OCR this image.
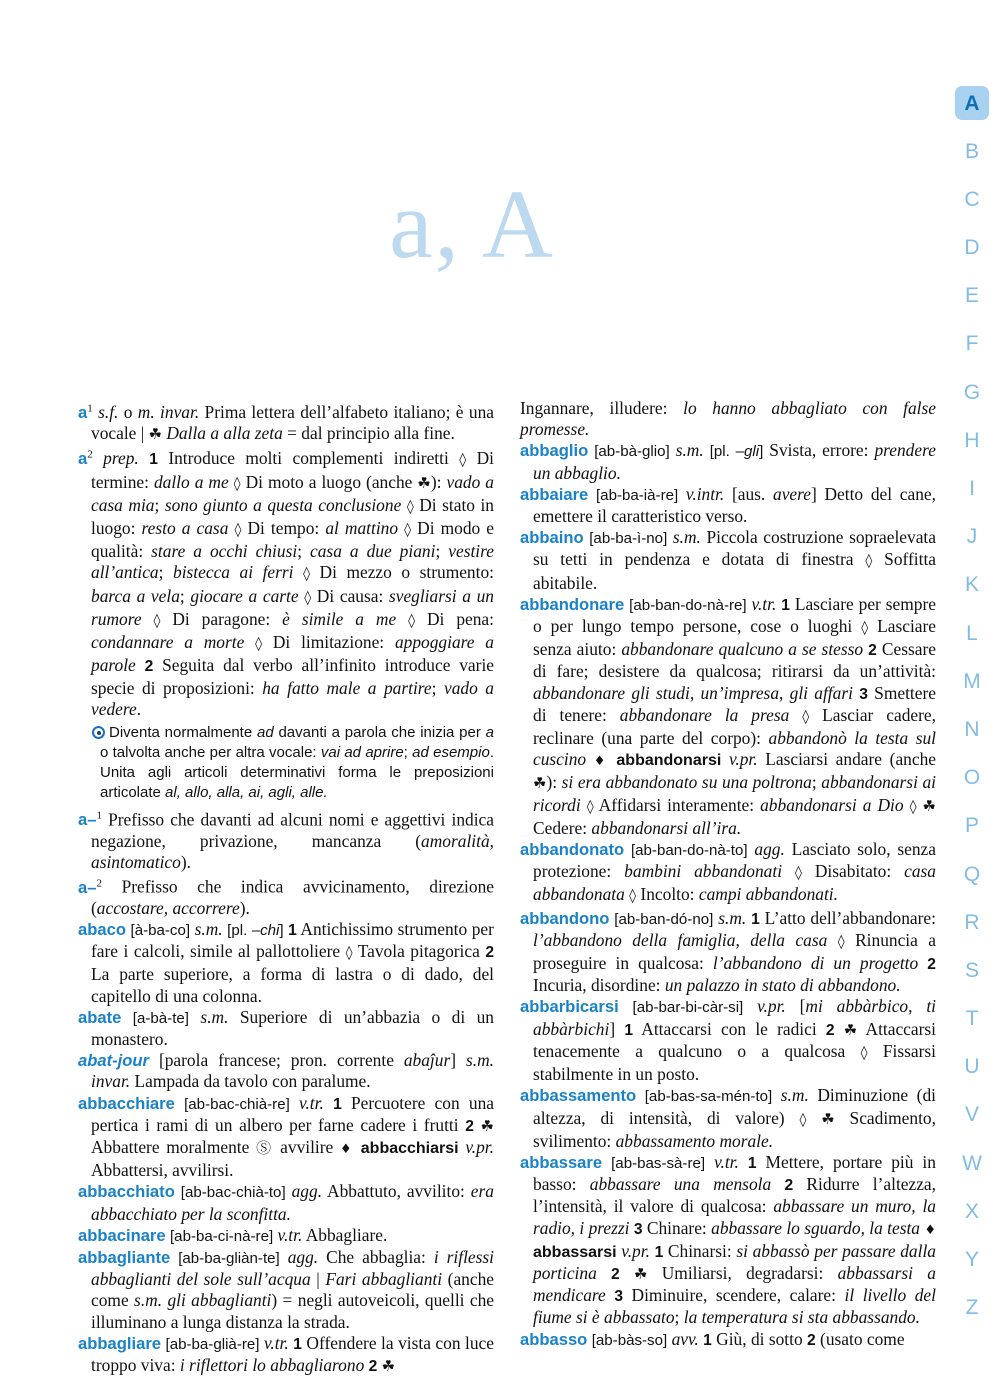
a, A
A
B
C
D
E
F
G
H
I
J
K
L
M
N
O
P
Q
R
S
T
U
V
W
X
Y
Z

$a^1$ s.f. o m. invar. Prima lettera dell’alfabeto italiano; è una vocale | ☘ Dalla a alla zeta = dal principio alla fine.

$a^2$ prep. 1 Introduce molti complementi indiretti ◊ Di termine: dallo a me ◊ Di moto a luogo (anche ☘): vado a casa mia; sono giunto a questa conclusione ◊ Di stato in luogo: resto a casa ◊ Di tempo: al mattino ◊ Di modo e qualità: stare a occhi chiusi; casa a due piani; vestire all’antica; bistecca ai ferri ◊ Di mezzo o strumento: barca a vela; giocare a carte ◊ Di causa: svegliarsi a un rumore ◊ Di paragone: è simile a me ◊ Di pena: condannare a morte ◊ Di limitazione: appoggiare a parole 2 Seguita dal verbo all’infinito introduce varie specie di proposizioni: ha fatto male a partire; vado a vedere.

Diventa normalmente ad davanti a parola che inizia per a o talvolta anche per altra vocale: vai ad aprire; ad esempio. Unita agli articoli determinativi forma le preposizioni articolate al, allo, alla, ai, agli, alle.

a–$^1$ Prefisso che davanti ad alcuni nomi e aggettivi indica negazione, privazione, mancanza (amoralità, asintomatico).

a–$^2$ Prefisso che indica avvicinamento, direzione (accostare, accorrere).

abaco [à-ba-co] s.m. [pl. –chi] 1 Antichissimo strumento per fare i calcoli, simile al pallottoliere ◊ Tavola pitagorica 2 La parte superiore, a forma di lastra o di dado, del capitello di una colonna.

abate [a-bà-te] s.m. Superiore di un’abbazia o di un monastero.

abat-jour [parola francese; pron. corrente abaĵur] s.m. invar. Lampada da tavolo con paralume.

abbacchiare [ab-bac-chià-re] v.tr. 1 Percuotere con una pertica i rami di un albero per farne cadere i frutti 2 ☘ Abbattere moralmente Ⓢ avvilire ♦ abbacchiarsi v.pr. Abbattersi, avvilirsi.

abbacchiato [ab-bac-chià-to] agg. Abbattuto, avvilito: era abbacchiato per la sconfitta.

abbacinare [ab-ba-ci-nà-re] v.tr. Abbagliare.

abbagliante [ab-ba-gliàn-te] agg. Che abbaglia: i riflessi abbaglianti del sole sull’acqua | Fari abbaglianti (anche come s.m. gli abbaglianti) = negli autoveicoli, quelli che illuminano a lunga distanza la strada.

abbagliare [ab-ba-glià-re] v.tr. 1 Offendere la vista con luce troppo viva: i riflettori lo abbagliarono 2 ☘

Ingannare, illudere: lo hanno abbagliato con false promesse.

abbaglio [ab-bà-glio] s.m. [pl. –gli] Svista, errore: prendere un abbaglio.

abbaiare [ab-ba-ià-re] v.intr. [aus. avere] Detto del cane, emettere il caratteristico verso.

abbaino [ab-ba-ì-no] s.m. Piccola costruzione sopraelevata su tetti in pendenza e dotata di finestra ◊ Soffitta abitabile.

abbandonare [ab-ban-do-nà-re] v.tr. 1 Lasciare per sempre o per lungo tempo persone, cose o luoghi ◊ Lasciare senza aiuto: abbandonare qualcuno a se stesso 2 Cessare di fare; desistere da qualcosa; ritirarsi da un’attività: abbandonare gli studi, un’impresa, gli affari 3 Smettere di tenere: abbandonare la presa ◊ Lasciar cadere, reclinare (una parte del corpo): abbandonò la testa sul cuscino ♦ abbandonarsi v.pr. Lasciarsi andare (anche ☘): si era abbandonato su una poltrona; abbandonarsi ai ricordi ◊ Affidarsi interamente: abbandonarsi a Dio ◊ ☘ Cedere: abbandonarsi all’ira.

abbandonato [ab-ban-do-nà-to] agg. Lasciato solo, senza protezione: bambini abbandonati ◊ Disabitato: casa abbandonata ◊ Incolto: campi abbandonati.

abbandono [ab-ban-dó-no] s.m. 1 L’atto dell’abbandonare: l’abbandono della famiglia, della casa ◊ Rinuncia a proseguire in qualcosa: l’abbandono di un progetto 2 Incuria, disordine: un palazzo in stato di abbandono.

abbarbicarsi [ab-bar-bi-càr-si] v.pr. [mi abbàrbico, ti abbàrbichi] 1 Attaccarsi con le radici 2 ☘ Attaccarsi tenacemente a qualcuno o a qualcosa ◊ Fissarsi stabilmente in un posto.

abbassamento [ab-bas-sa-mén-to] s.m. Diminuzione (di altezza, di intensità, di valore) ◊ ☘ Scadimento, svilimento: abbassamento morale.

abbassare [ab-bas-sà-re] v.tr. 1 Mettere, portare più in basso: abbassare una mensola 2 Ridurre l’altezza, l’intensità, il valore di qualcosa: abbassare un muro, la radio, i prezzi 3 Chinare: abbassare lo sguardo, la testa ♦ abbassarsi v.pr. 1 Chinarsi: si abbassò per passare dalla porticina 2 ☘ Umiliarsi, degradarsi: abbassarsi a mendicare 3 Diminuire, scendere, calare: il livello del fiume si è abbassato; la temperatura si sta abbassando.

abbasso [ab-bàs-so] avv. 1 Giù, di sotto 2 (usato come
